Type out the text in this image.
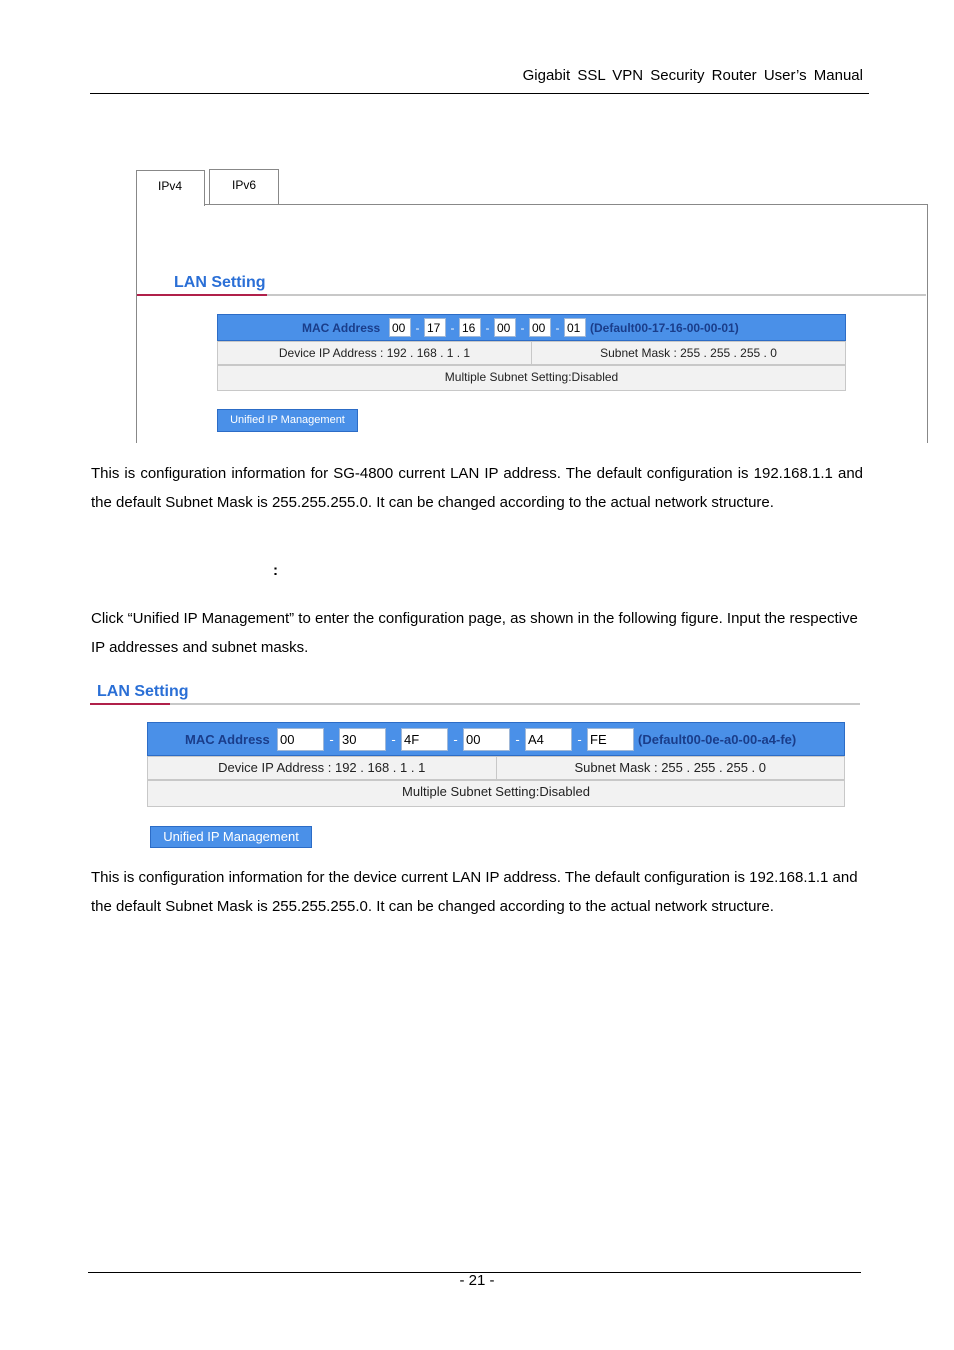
Gigabit SSL VPN Security Router User’s Manual
IPv4	IPv6
LAN Setting
MAC Address 00 - 17 - 16 - 00 - 00 - 01 (Default00-17-16-00-00-01)
Device IP Address : 192 . 168 . 1 . 1	Subnet Mask : 255 . 255 . 255 . 0
Multiple Subnet Setting:Disabled
Unified IP Management
This is configuration information for SG-4800 current LAN IP address. The default configuration is 192.168.1.1 and the default Subnet Mask is 255.255.255.0. It can be changed according to the actual network structure.
:
Click “Unified IP Management” to enter the configuration page, as shown in the following figure. Input the respective IP addresses and subnet masks.
LAN Setting
MAC Address 00	- 30	- 4F	- 00	- A4	- FE	(Default00-0e-a0-00-a4-fe)
Device IP Address : 192 . 168 . 1 . 1	Subnet Mask : 255 . 255 . 255 . 0
Multiple Subnet Setting:Disabled
Unified IP Management
This is configuration information for the device current LAN IP address. The default configuration is 192.168.1.1 and the default Subnet Mask is 255.255.255.0. It can be changed according to the actual network structure.
- 21 -
